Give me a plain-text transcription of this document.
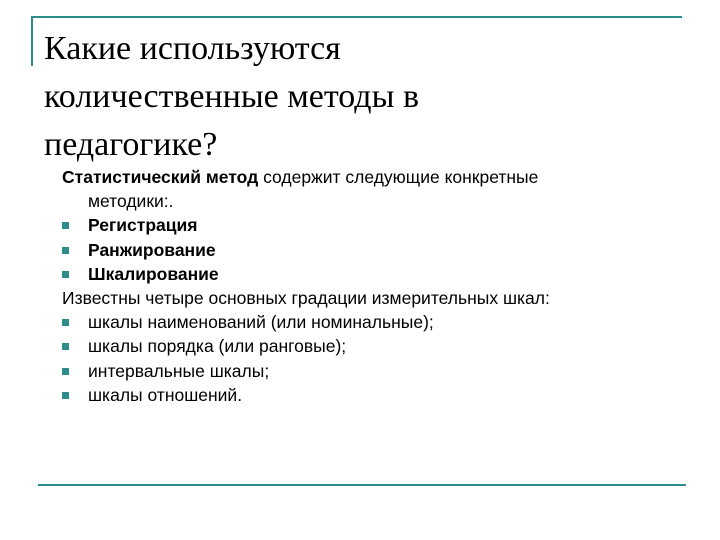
Какие используются
количественные методы в
педагогике?
Статистический метод содержит следующие конкретные
методики:.
Регистрация
Ранжирование
Шкалирование
Известны четыре основных градации измерительных шкал:
шкалы наименований (или номинальные);
шкалы порядка (или ранговые);
интервальные шкалы;
шкалы отношений.
